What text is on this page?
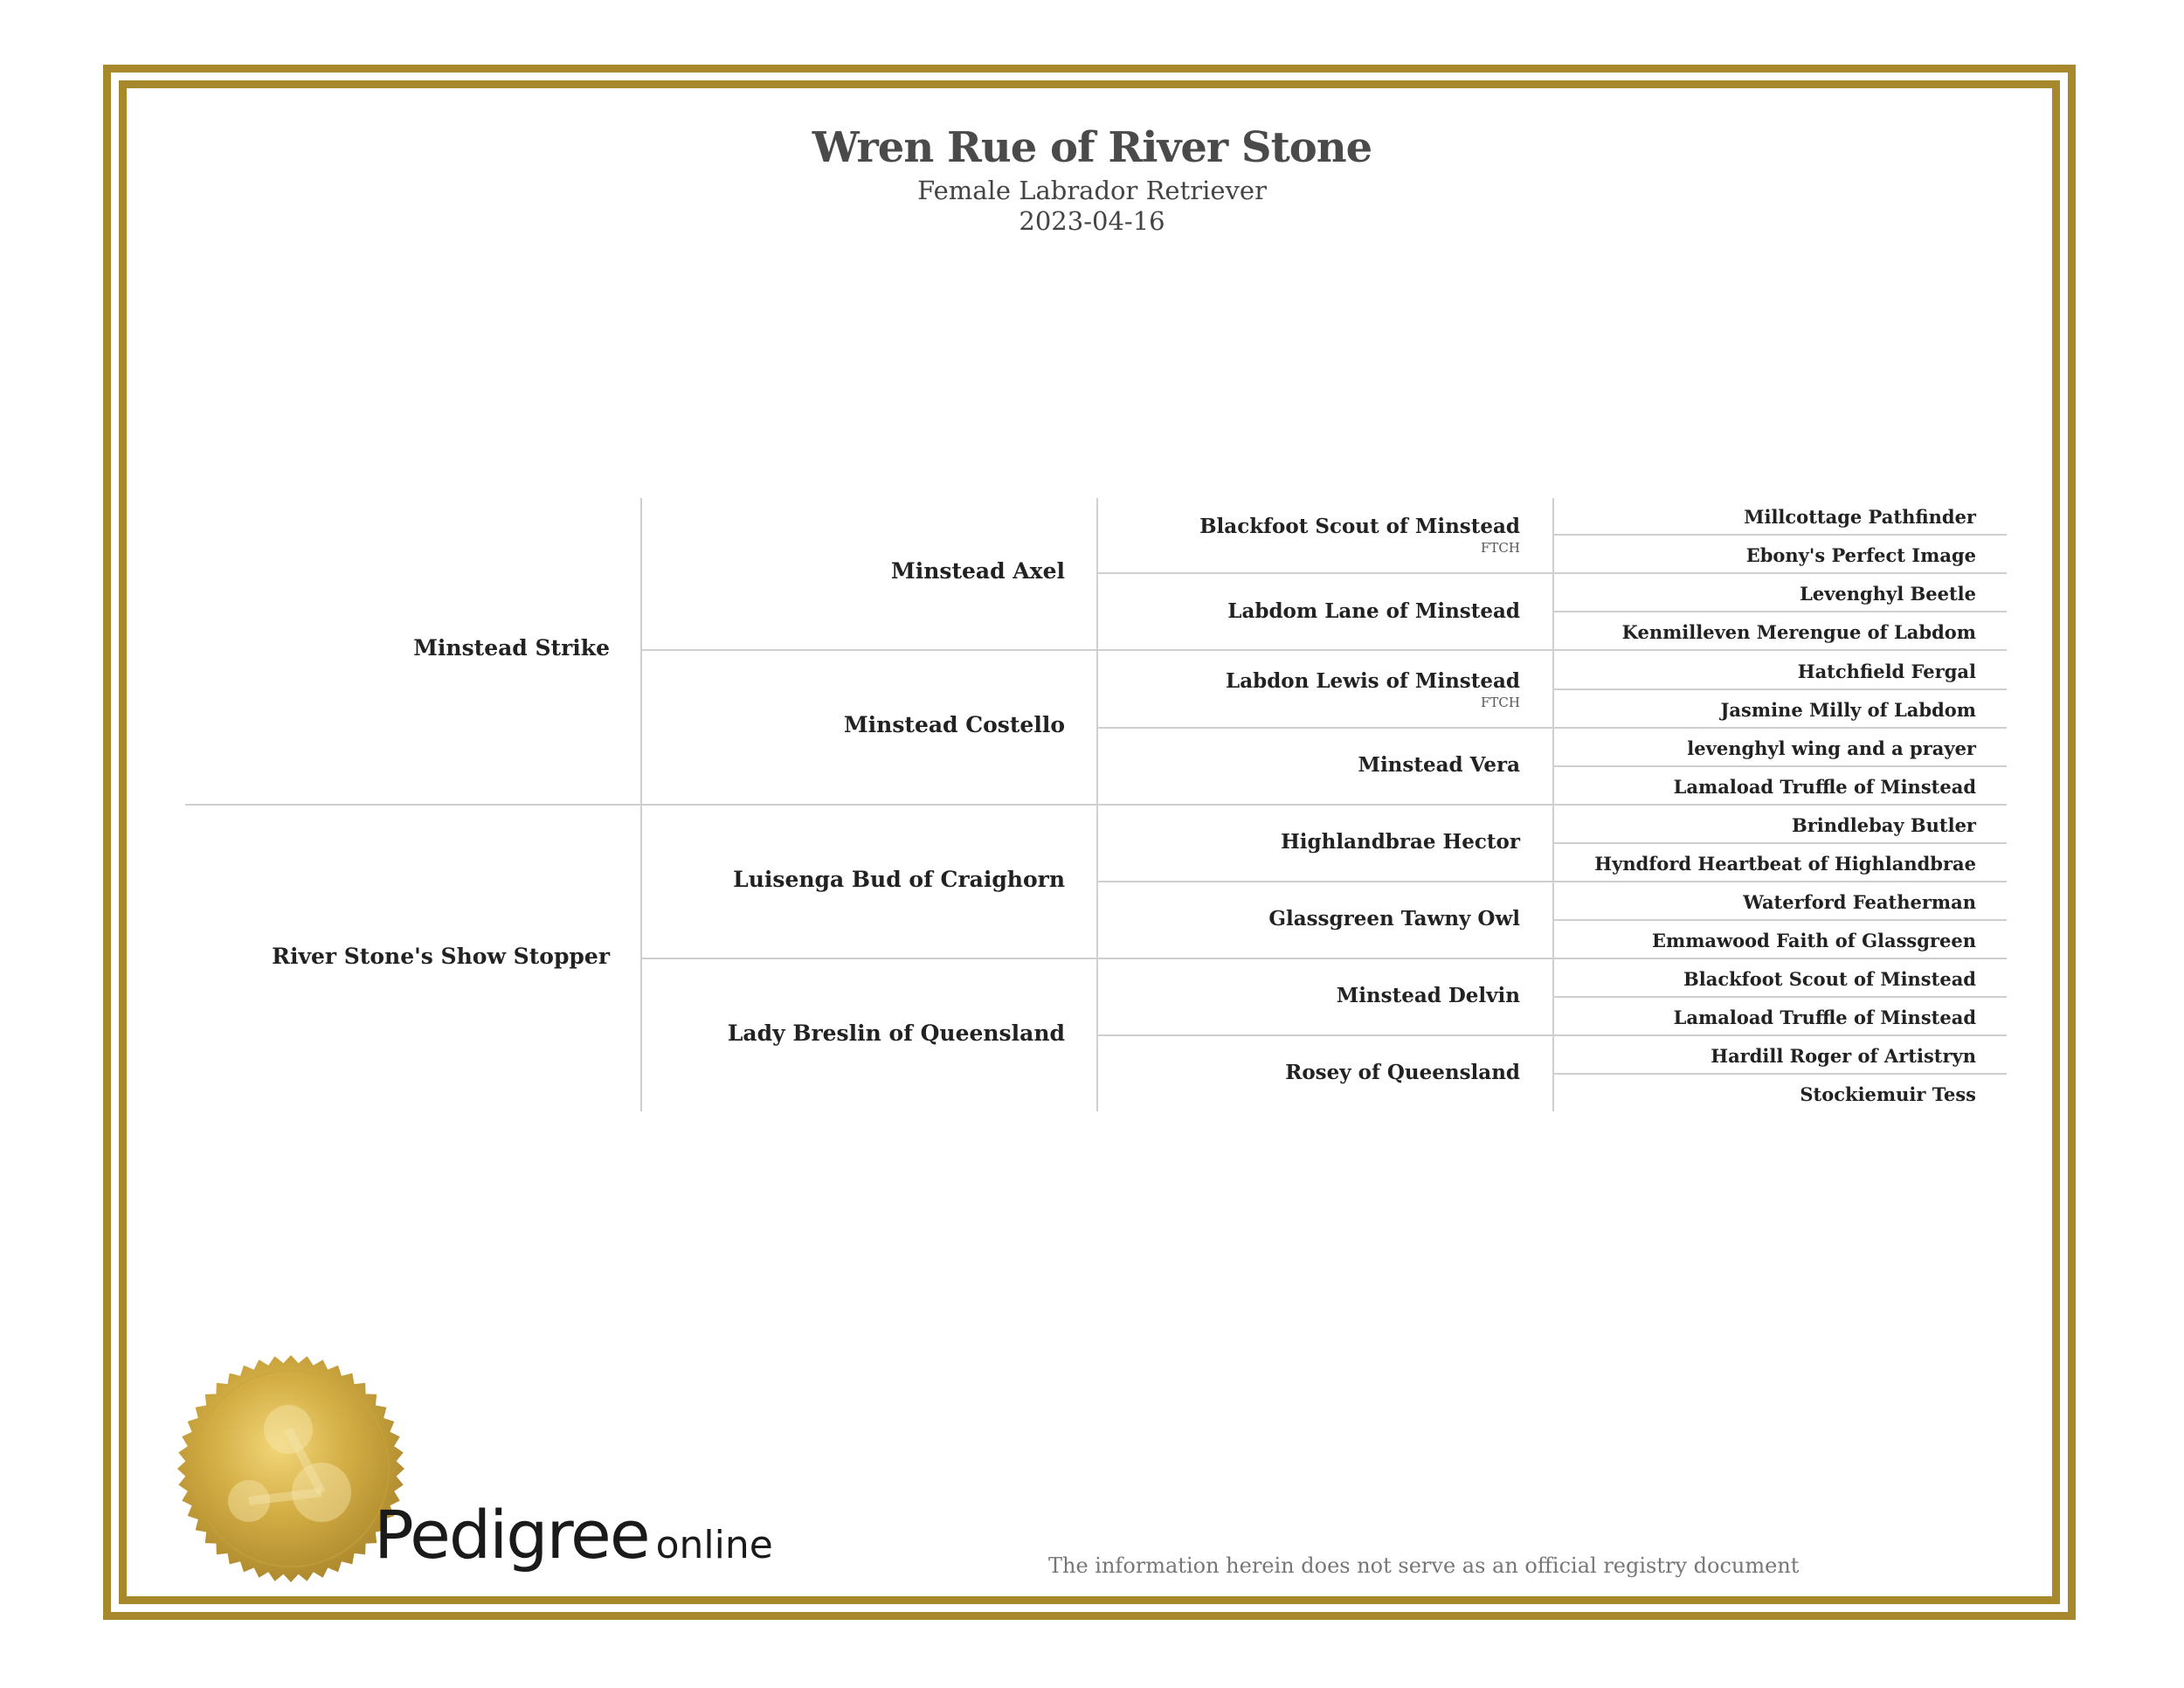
Wren Rue of River Stone
Female Labrador Retriever
2023-04-16
Minstead Strike
River Stone's Show Stopper
Minstead Axel
Minstead Costello
Luisenga Bud of Craighorn
Lady Breslin of Queensland
Blackfoot Scout of Minstead
FTCH
Labdom Lane of Minstead
Labdon Lewis of Minstead
FTCH
Minstead Vera
Highlandbrae Hector
Glassgreen Tawny Owl
Minstead Delvin
Rosey of Queensland
Millcottage Pathfinder
Ebony's Perfect Image
Levenghyl Beetle
Kenmilleven Merengue of Labdom
Hatchfield Fergal
Jasmine Milly of Labdom
levenghyl wing and a prayer
Lamaload Truffle of Minstead
Brindlebay Butler
Hyndford Heartbeat of Highlandbrae
Waterford Featherman
Emmawood Faith of Glassgreen
Blackfoot Scout of Minstead
Lamaload Truffle of Minstead
Hardill Roger of Artistryn
Stockiemuir Tess
Pedigree online	The information herein does not serve as an official registry document
